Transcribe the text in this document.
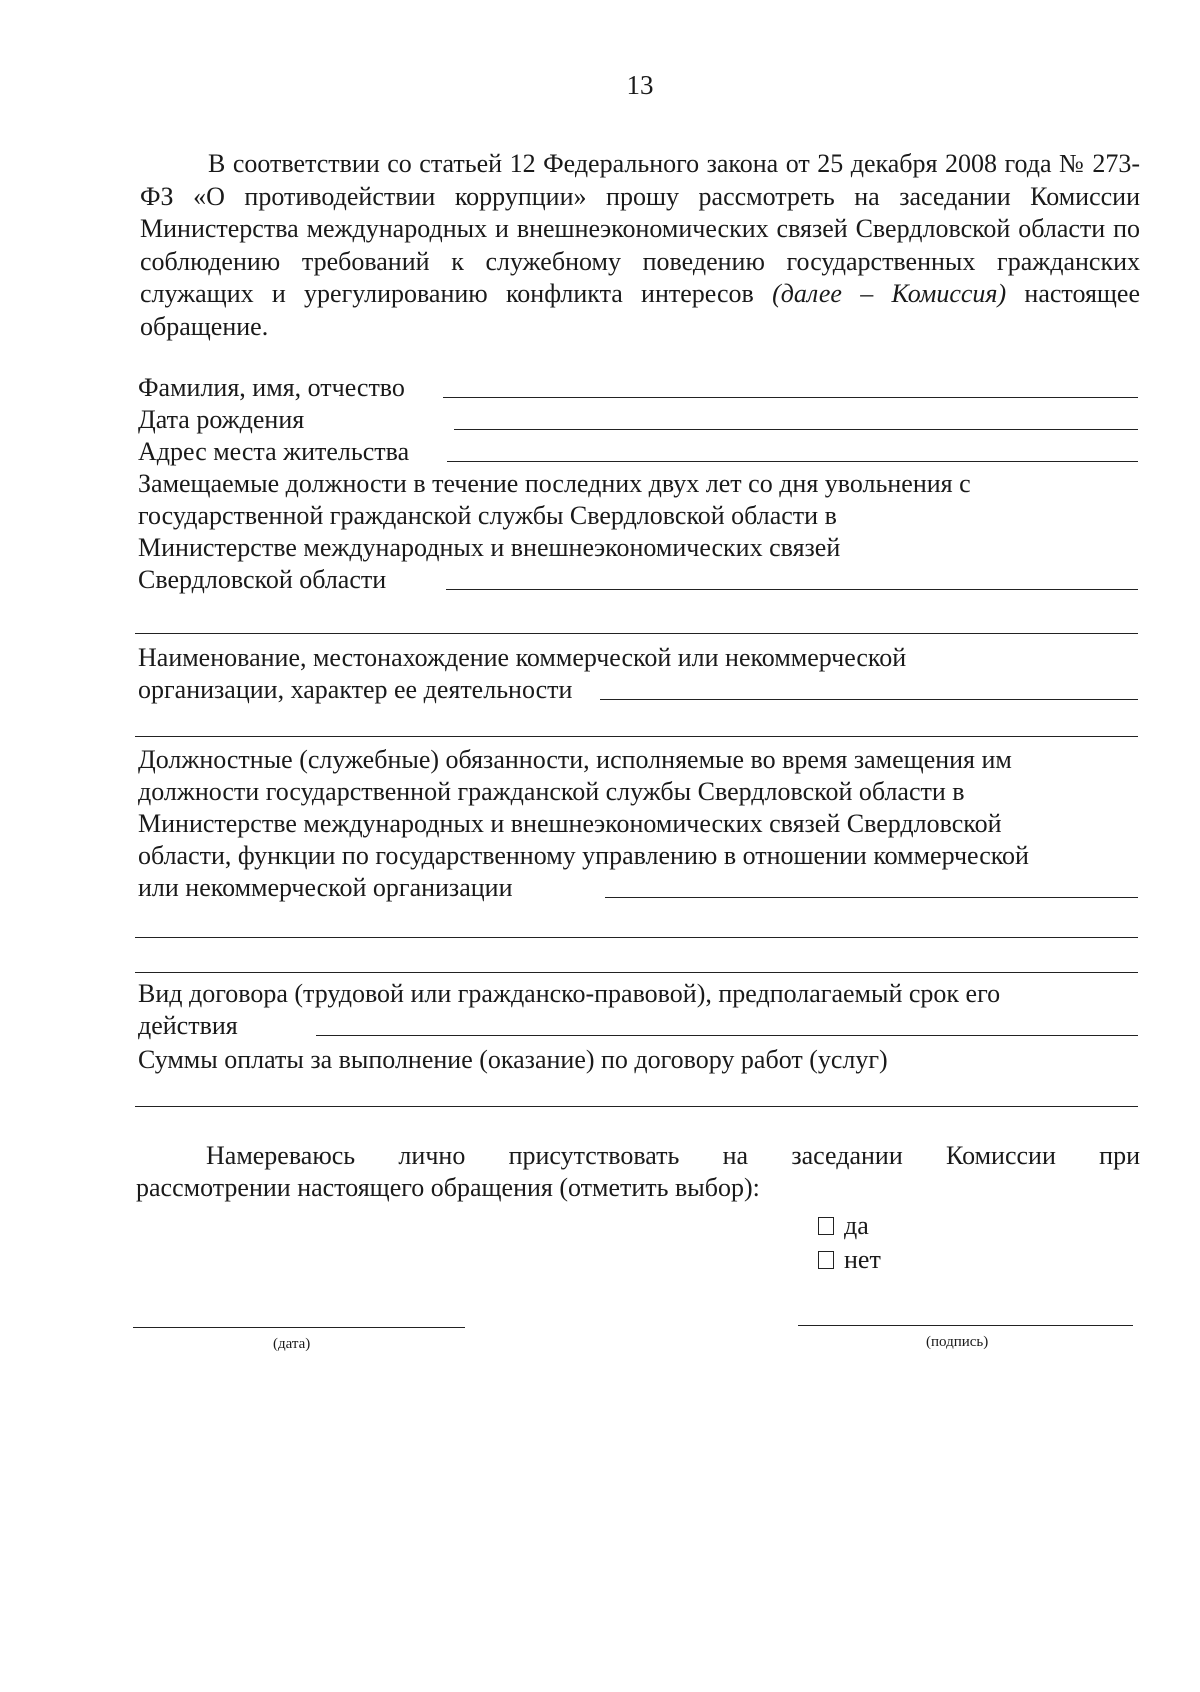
13

В соответствии со статьей 12 Федерального закона от 25 декабря 2008 года № 273-ФЗ «О противодействии коррупции» прошу рассмотреть на заседании Комиссии Министерства международных и внешнеэкономических связей Свердловской области по соблюдению требований к служебному поведению государственных гражданских служащих и урегулированию конфликта интересов (далее – Комиссия) настоящее обращение.

Фамилия, имя, отчество
Дата рождения
Адрес места жительства
Замещаемые должности в течение последних двух лет со дня увольнения с
государственной гражданской службы Свердловской области в
Министерстве международных и внешнеэкономических связей
Свердловской области
Наименование, местонахождение коммерческой или некоммерческой
организации, характер ее деятельности
Должностные (служебные) обязанности, исполняемые во время замещения им
должности государственной гражданской службы Свердловской области в
Министерстве международных и внешнеэкономических связей Свердловской
области, функции по государственному управлению в отношении коммерческой
или некоммерческой организации
Вид договора (трудовой или гражданско-правовой), предполагаемый срок его
действия
Суммы оплаты за выполнение (оказание) по договору работ (услуг)

Намереваюсь лично присутствовать на заседании Комиссии при
рассмотрении настоящего обращения (отметить выбор):

да
нет
(дата)	(подпись)
